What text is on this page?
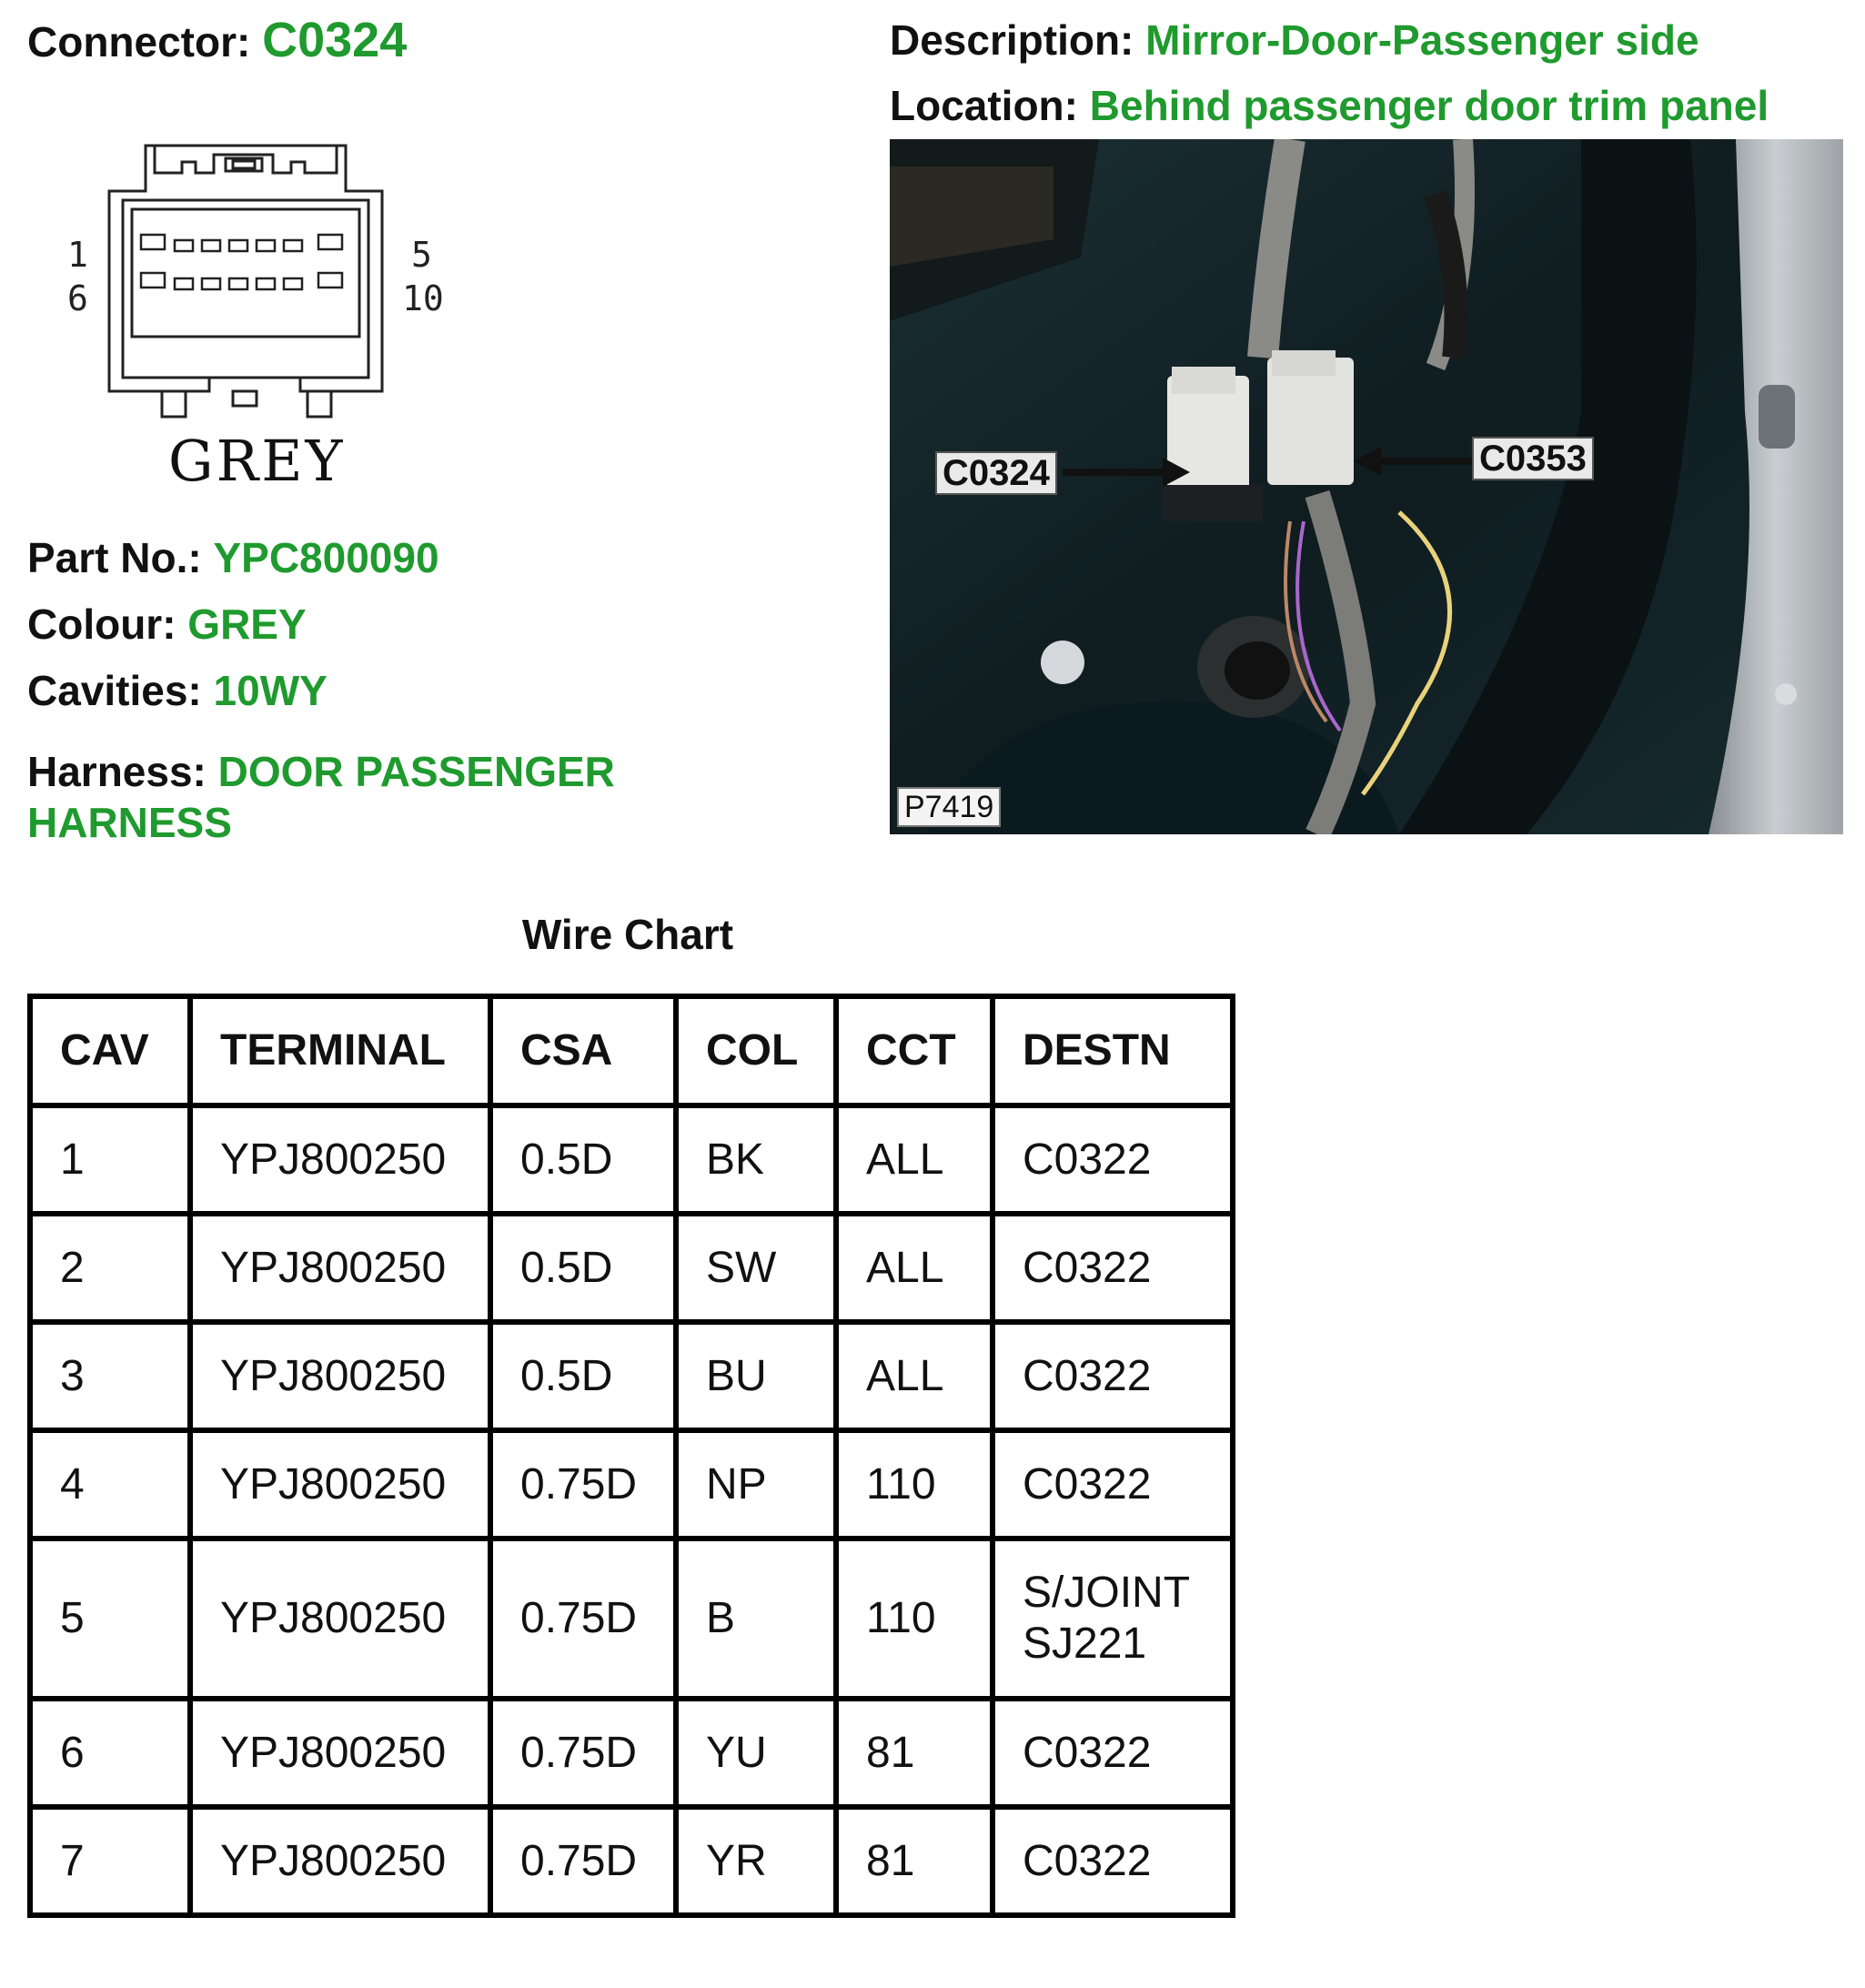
Connector: C0324	Description: Mirror-Door-Passenger side
Location: Behind passenger door trim panel
1
6
5
10
GREY
Part No.: YPC800090
Colour: GREY
Cavities: 10WY
Harness: DOOR PASSENGER
HARNESS
C0324	C0353
P7419
Wire Chart
CAV	TERMINAL	CSA	COL	CCT	DESTN
1	YPJ800250	0.5D	BK	ALL	C0322
2	YPJ800250	0.5D	SW	ALL	C0322
3	YPJ800250	0.5D	BU	ALL	C0322
4	YPJ800250	0.75D	NP	110	C0322
5	YPJ800250	0.75D	B	110	S/JOINT
SJ221
6	YPJ800250	0.75D	YU	81	C0322
7	YPJ800250	0.75D	YR	81	C0322
